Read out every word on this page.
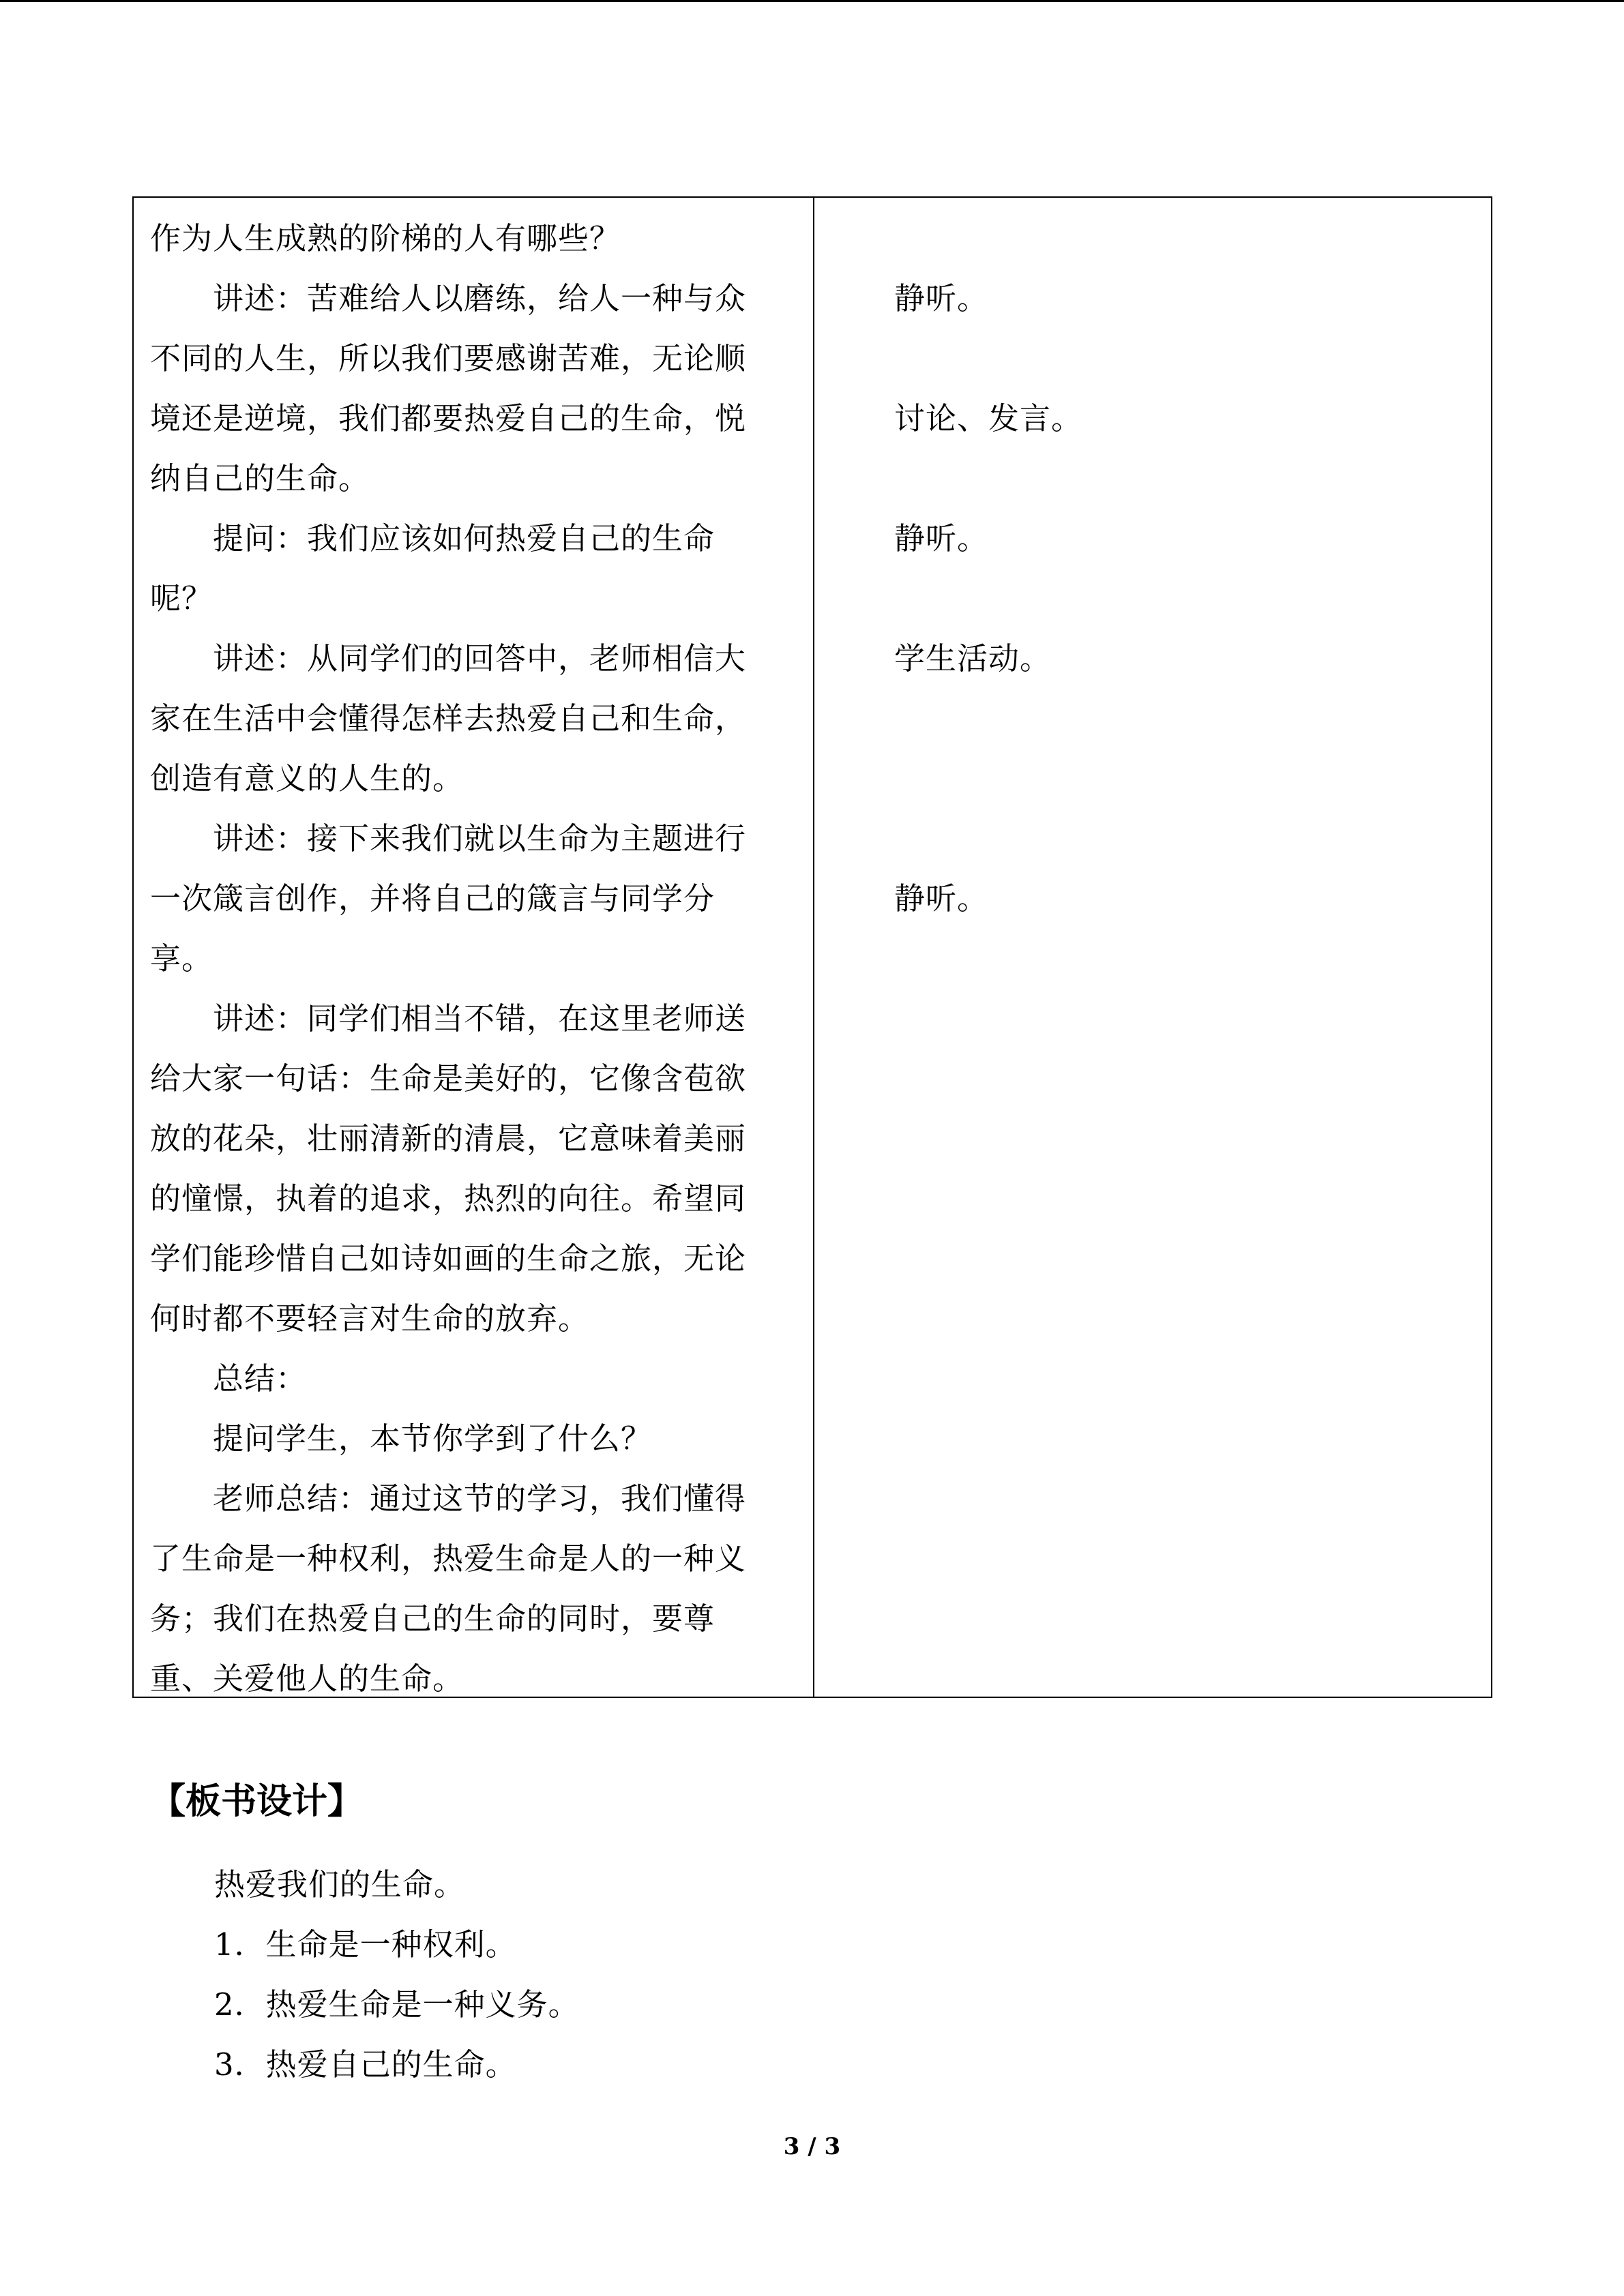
作为人生成熟的阶梯的人有哪些？
　　讲述：苦难给人以磨练，给人一种与众
不同的人生，所以我们要感谢苦难，无论顺
境还是逆境，我们都要热爱自己的生命，悦
纳自己的生命。
　　提问：我们应该如何热爱自己的生命
呢？
　　讲述：从同学们的回答中，老师相信大
家在生活中会懂得怎样去热爱自己和生命，
创造有意义的人生的。
　　讲述：接下来我们就以生命为主题进行
一次箴言创作，并将自己的箴言与同学分
享。
　　讲述：同学们相当不错，在这里老师送
给大家一句话：生命是美好的，它像含苞欲
放的花朵，壮丽清新的清晨，它意味着美丽
的憧憬，执着的追求，热烈的向往。希望同
学们能珍惜自己如诗如画的生命之旅，无论
何时都不要轻言对生命的放弃。
　　总结：
　　提问学生，本节你学到了什么？
　　老师总结：通过这节的学习，我们懂得
了生命是一种权利，热爱生命是人的一种义
务；我们在热爱自己的生命的同时，要尊
重、关爱他人的生命。
静听。
讨论、发言。
静听。
学生活动。
静听。
【板书设计】
热爱我们的生命。
1．生命是一种权利。
2．热爱生命是一种义务。
3．热爱自己的生命。
3 / 3
